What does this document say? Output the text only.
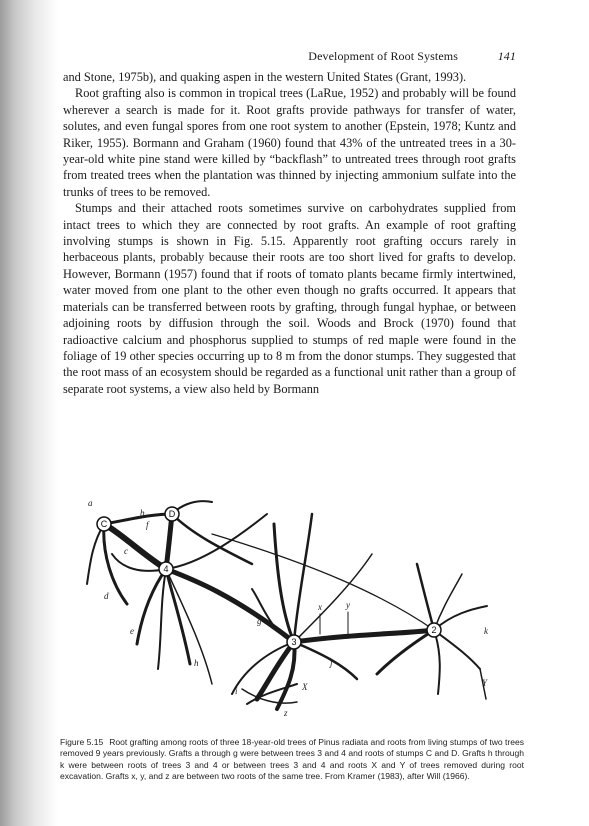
Development of Root Systems	141

and Stone, 1975b), and quaking aspen in the western United States (Grant, 1993).

Root grafting also is common in tropical trees (LaRue, 1952) and probably will be found wherever a search is made for it. Root grafts provide pathways for transfer of water, solutes, and even fungal spores from one root system to another (Epstein, 1978; Kuntz and Riker, 1955). Bormann and Graham (1960) found that 43% of the untreated trees in a 30-year-old white pine stand were killed by “backflash” to untreated trees through root grafts from treated trees when the plantation was thinned by injecting ammonium sulfate into the trunks of trees to be removed.

Stumps and their attached roots sometimes survive on carbohydrates supplied from intact trees to which they are connected by root grafts. An example of root grafting involving stumps is shown in Fig. 5.15. Apparently root grafting occurs rarely in herbaceous plants, probably because their roots are too short lived for grafts to develop. However, Bormann (1957) found that if roots of tomato plants became firmly intertwined, water moved from one plant to the other even though no grafts occurred. It appears that materials can be transferred between roots by grafting, through fungal hyphae, or between adjoining roots by diffusion through the soil. Woods and Brock (1970) found that radioactive calcium and phosphorus supplied to stumps of red maple were found in the foliage of 19 other species occurring up to 8 m from the donor stumps. They suggested that the root mass of an ecosystem should be regarded as a functional unit rather than a group of separate root systems, a view also held by Bormann

C
D
4
3
2
a
b
c
d
e
f
g
h
i
j
k
X	Y
x	y
z
Figure 5.15 Root grafting among roots of three 18-year-old trees of Pinus radiata and roots from living stumps of two trees removed 9 years previously. Grafts a through g were between trees 3 and 4 and roots of stumps C and D. Grafts h through k were between roots of trees 3 and 4 or between trees 3 and 4 and roots X and Y of trees removed during root excavation. Grafts x, y, and z are between two roots of the same tree. From Kramer (1983), after Will (1966).
